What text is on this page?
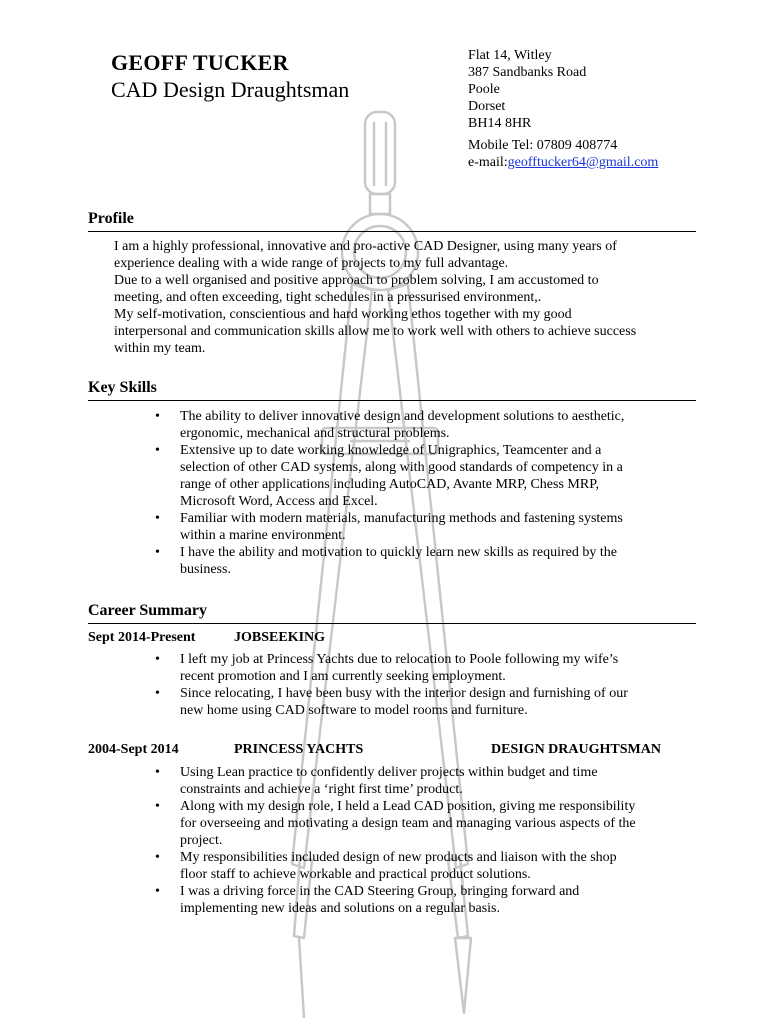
GEOFF TUCKER
CAD Design Draughtsman
Flat 14, Witley
387 Sandbanks Road
Poole
Dorset
BH14 8HR
Mobile Tel: 07809 408774
e-mail:geofftucker64@gmail.com
Profile
I am a highly professional, innovative and pro-active CAD Designer, using many years of
experience dealing with a wide range of projects to my full advantage.
Due to a well organised and positive approach to problem solving, I am accustomed to
meeting, and often exceeding, tight schedules in a pressurised environment,.
My self-motivation, conscientious and hard working ethos together with my good
interpersonal and communication skills allow me to work well with others to achieve success
within my team.
Key Skills
• The ability to deliver innovative design and development solutions to aesthetic,
ergonomic, mechanical and structural problems.
• Extensive up to date working knowledge of Unigraphics, Teamcenter and a
selection of other CAD systems, along with good standards of competency in a
range of other applications including AutoCAD, Avante MRP, Chess MRP,
Microsoft Word, Access and Excel.
• Familiar with modern materials, manufacturing methods and fastening systems
within a marine environment.
• I have the ability and motivation to quickly learn new skills as required by the
business.
Career Summary
Sept 2014-Present	JOBSEEKING
• I left my job at Princess Yachts due to relocation to Poole following my wife’s
recent promotion and I am currently seeking employment.
• Since relocating, I have been busy with the interior design and furnishing of our
new home using CAD software to model rooms and furniture.
2004-Sept 2014	PRINCESS YACHTS	DESIGN DRAUGHTSMAN
• Using Lean practice to confidently deliver projects within budget and time
constraints and achieve a ‘right first time’ product.
• Along with my design role, I held a Lead CAD position, giving me responsibility
for overseeing and motivating a design team and managing various aspects of the
project.
• My responsibilities included design of new products and liaison with the shop
floor staff to achieve workable and practical product solutions.
• I was a driving force in the CAD Steering Group, bringing forward and
implementing new ideas and solutions on a regular basis.
